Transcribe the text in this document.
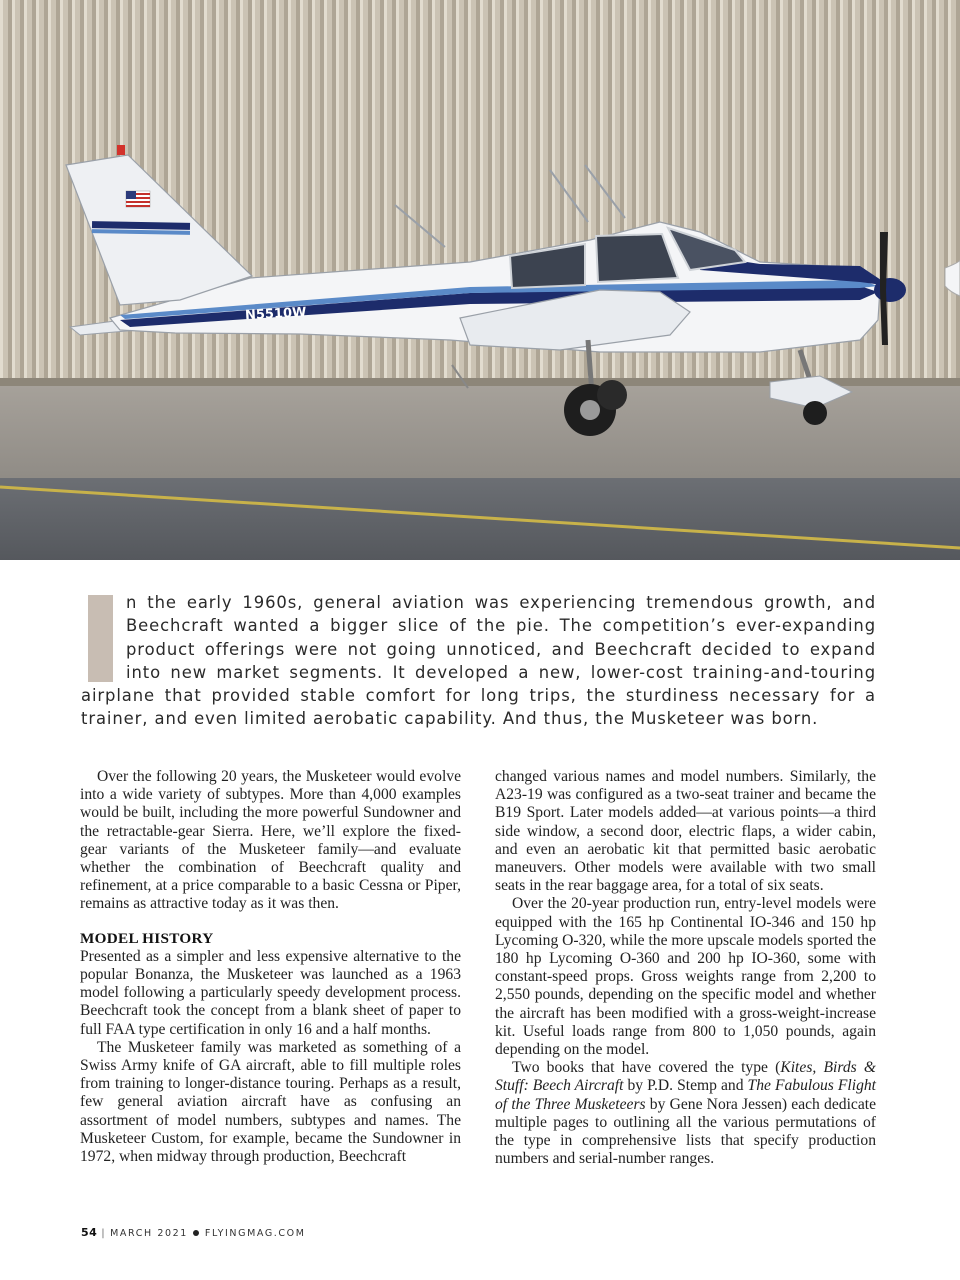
N5510W
n the early 1960s, general aviation was experiencing tremendous growth, and Beechcraft wanted a bigger slice of the pie. The competition’s ever-expanding product offerings were not going unnoticed, and Beechcraft decided to expand into new market segments. It developed a new, lower-cost training-and-touring airplane that provided stable comfort for long trips, the sturdiness necessary for a trainer, and even limited aerobatic capability. And thus, the Musketeer was born.

Over the following 20 years, the Musketeer would evolve into a wide variety of subtypes. More than 4,000 examples would be built, including the more powerful Sundowner and the retractable-gear Sierra. Here, we’ll explore the fixed-gear variants of the Musketeer family—and evaluate whether the combination of Beechcraft quality and refinement, at a price comparable to a basic Cessna or Piper, remains as attractive today as it was then.

MODEL HISTORY

Presented as a simpler and less expensive alternative to the popular Bonanza, the Musketeer was launched as a 1963 model following a particularly speedy development process. Beechcraft took the concept from a blank sheet of paper to full FAA type certification in only 16 and a half months.

The Musketeer family was marketed as something of a Swiss Army knife of GA aircraft, able to fill multiple roles from training to longer-distance touring. Perhaps as a result, few general aviation aircraft have as confusing an assortment of model numbers, subtypes and names. The Musketeer Custom, for example, became the Sundowner in 1972, when midway through production, Beechcraft

changed various names and model numbers. Similarly, the A23-19 was configured as a two-seat trainer and became the B19 Sport. Later models added—at various points—a third side window, a second door, electric flaps, a wider cabin, and even an aerobatic kit that permitted basic aerobatic maneuvers. Other models were available with two small seats in the rear baggage area, for a total of six seats.

Over the 20-year production run, entry-level models were equipped with the 165 hp Continental IO-346 and 150 hp Lycoming O-320, while the more upscale models sported the 180 hp Lycoming O-360 and 200 hp IO-360, some with constant-speed props. Gross weights range from 2,200 to 2,550 pounds, depending on the specific model and whether the aircraft has been modified with a gross-weight-increase kit. Useful loads range from 800 to 1,050 pounds, again depending on the model.

Two books that have covered the type (Kites, Birds & Stuff: Beech Aircraft by P.D. Stemp and The Fabulous Flight of the Three Musketeers by Gene Nora Jessen) each dedicate multiple pages to outlining all the various permutations of the type in comprehensive lists that specify production numbers and serial-number ranges.

54 | MARCH 2021 FLYINGMAG.COM
